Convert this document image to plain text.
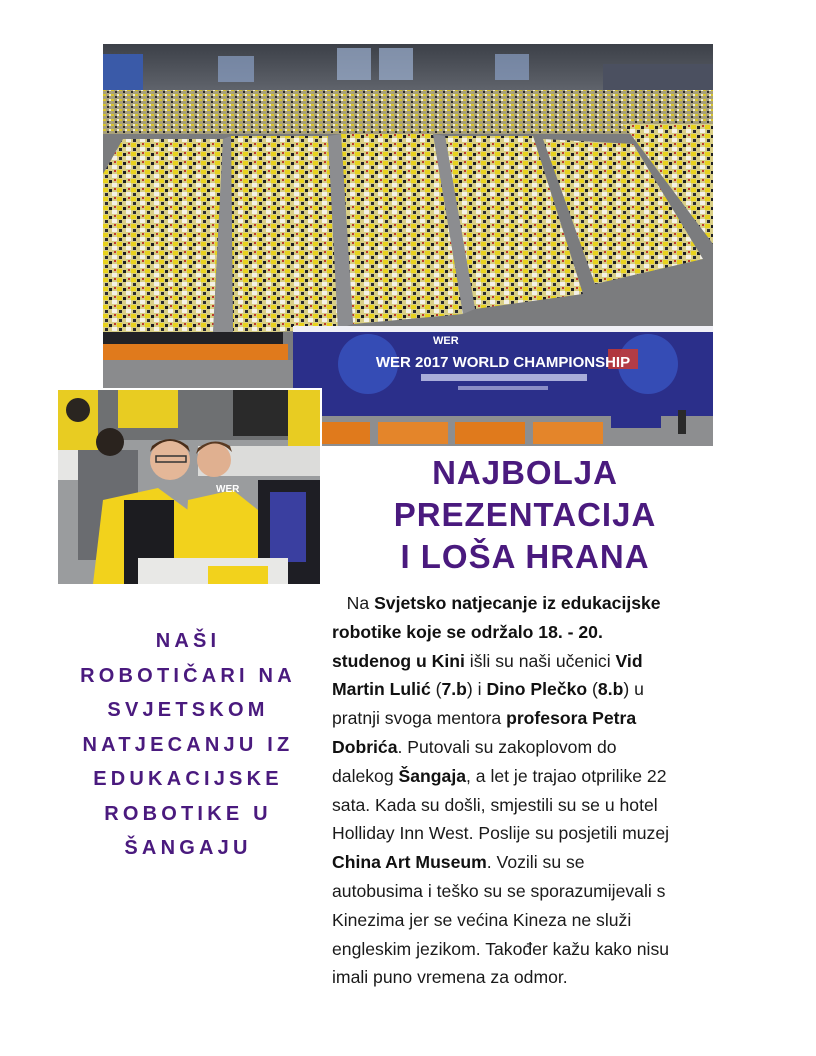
WER
WER 2017 WORLD CHAMPIONSHIP
WER	NAJBOLJA
PREZENTACIJA
I LOŠA HRANA
NAŠI
ROBOTIČARI NA
SVJETSKOM
NATJECANJU IZ
EDUKACIJSKE
ROBOTIKE U
ŠANGAJU
Na Svjetsko natjecanje iz edukacijske
robotike koje se održalo 18. - 20.
studenog u Kini išli su naši učenici Vid
Martin Lulić (7.b) i Dino Plečko (8.b) u
pratnji svoga mentora profesora Petra
Dobrića. Putovali su zakoplovom do
dalekog Šangaja, a let je trajao otprilike 22
sata. Kada su došli, smjestili su se u hotel
Holliday Inn West. Poslije su posjetili muzej
China Art Museum. Vozili su se
autobusima i teško su se sporazumijevali s
Kinezima jer se većina Kineza ne služi
engleskim jezikom. Također kažu kako nisu
imali puno vremena za odmor.
